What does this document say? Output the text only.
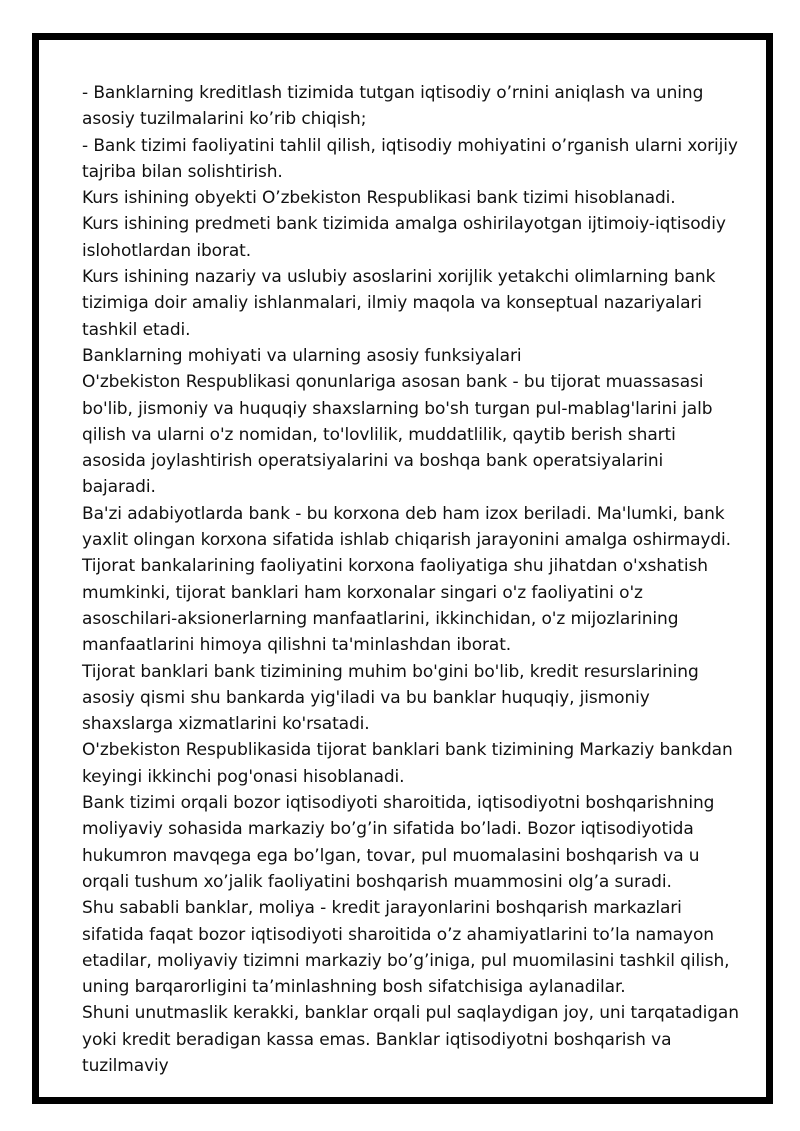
- Banklarning kreditlash tizimida tutgan iqtisodiy o’rnini aniqlash va uning asosiy tuzilmalarini ko’rib chiqish;

- Bank tizimi faoliyatini tahlil qilish, iqtisodiy mohiyatini o’rganish ularni xorijiy tajriba bilan solishtirish.

Kurs ishining obyekti O’zbekiston Respublikasi bank tizimi hisoblanadi.

Kurs ishining predmeti bank tizimida amalga oshirilayotgan ijtimoiy-iqtisodiy islohotlardan iborat.

Kurs ishining nazariy va uslubiy asoslarini xorijlik yetakchi olimlarning bank tizimiga doir amaliy ishlanmalari, ilmiy maqola va konseptual nazariyalari tashkil etadi.

Banklarning mohiyati va ularning asosiy funksiyalari

O'zbekiston Respublikasi qonunlariga asosan bank - bu tijorat muassasasi bo'lib, jismoniy va huquqiy shaxslarning bo'sh turgan pul-mablag'larini jalb qilish va ularni o'z nomidan, to'lovlilik, muddatlilik, qaytib berish sharti asosida joylashtirish operatsiyalarini va boshqa bank operatsiyalarini bajaradi.

Ba'zi adabiyotlarda bank - bu korxona deb ham izox beriladi. Ma'lumki, bank yaxlit olingan korxona sifatida ishlab chiqarish jarayonini amalga oshirmaydi. Tijorat bankalarining faoliyatini korxona faoliyatiga shu jihatdan o'xshatish mumkinki, tijorat banklari ham korxonalar singari o'z faoliyatini o'z asoschilari-aksionerlarning manfaatlarini, ikkinchidan, o'z mijozlarining manfaatlarini himoya qilishni ta'minlashdan iborat.

Tijorat banklari bank tizimining muhim bo'gini bo'lib, kredit resurslarining asosiy qismi shu bankarda yig'iladi va bu banklar huquqiy, jismoniy shaxslarga xizmatlarini ko'rsatadi.

O'zbekiston Respublikasida tijorat banklari bank tizimining Markaziy bankdan keyingi ikkinchi pog'onasi hisoblanadi.

Bank tizimi orqali bozor iqtisodiyoti sharoitida, iqtisodiyotni boshqarishning moliyaviy sohasida markaziy bo’g’in sifatida bo’ladi. Bozor iqtisodiyotida hukumron mavqega ega bo’lgan, tovar, pul muomalasini boshqarish va u orqali tushum xo’jalik faoliyatini boshqarish muammosini olg’a suradi.

Shu sababli banklar, moliya - kredit jarayonlarini boshqarish markazlari sifatida faqat bozor iqtisodiyoti sharoitida o’z ahamiyatlarini to’la namayon etadilar, moliyaviy tizimni markaziy bo’g’iniga, pul muomilasini tashkil qilish, uning barqarorligini ta’minlashning bosh sifatchisiga aylanadilar.

Shuni unutmaslik kerakki, banklar orqali pul saqlaydigan joy, uni tarqatadigan yoki kredit beradigan kassa emas. Banklar iqtisodiyotni boshqarish va tuzilmaviy
